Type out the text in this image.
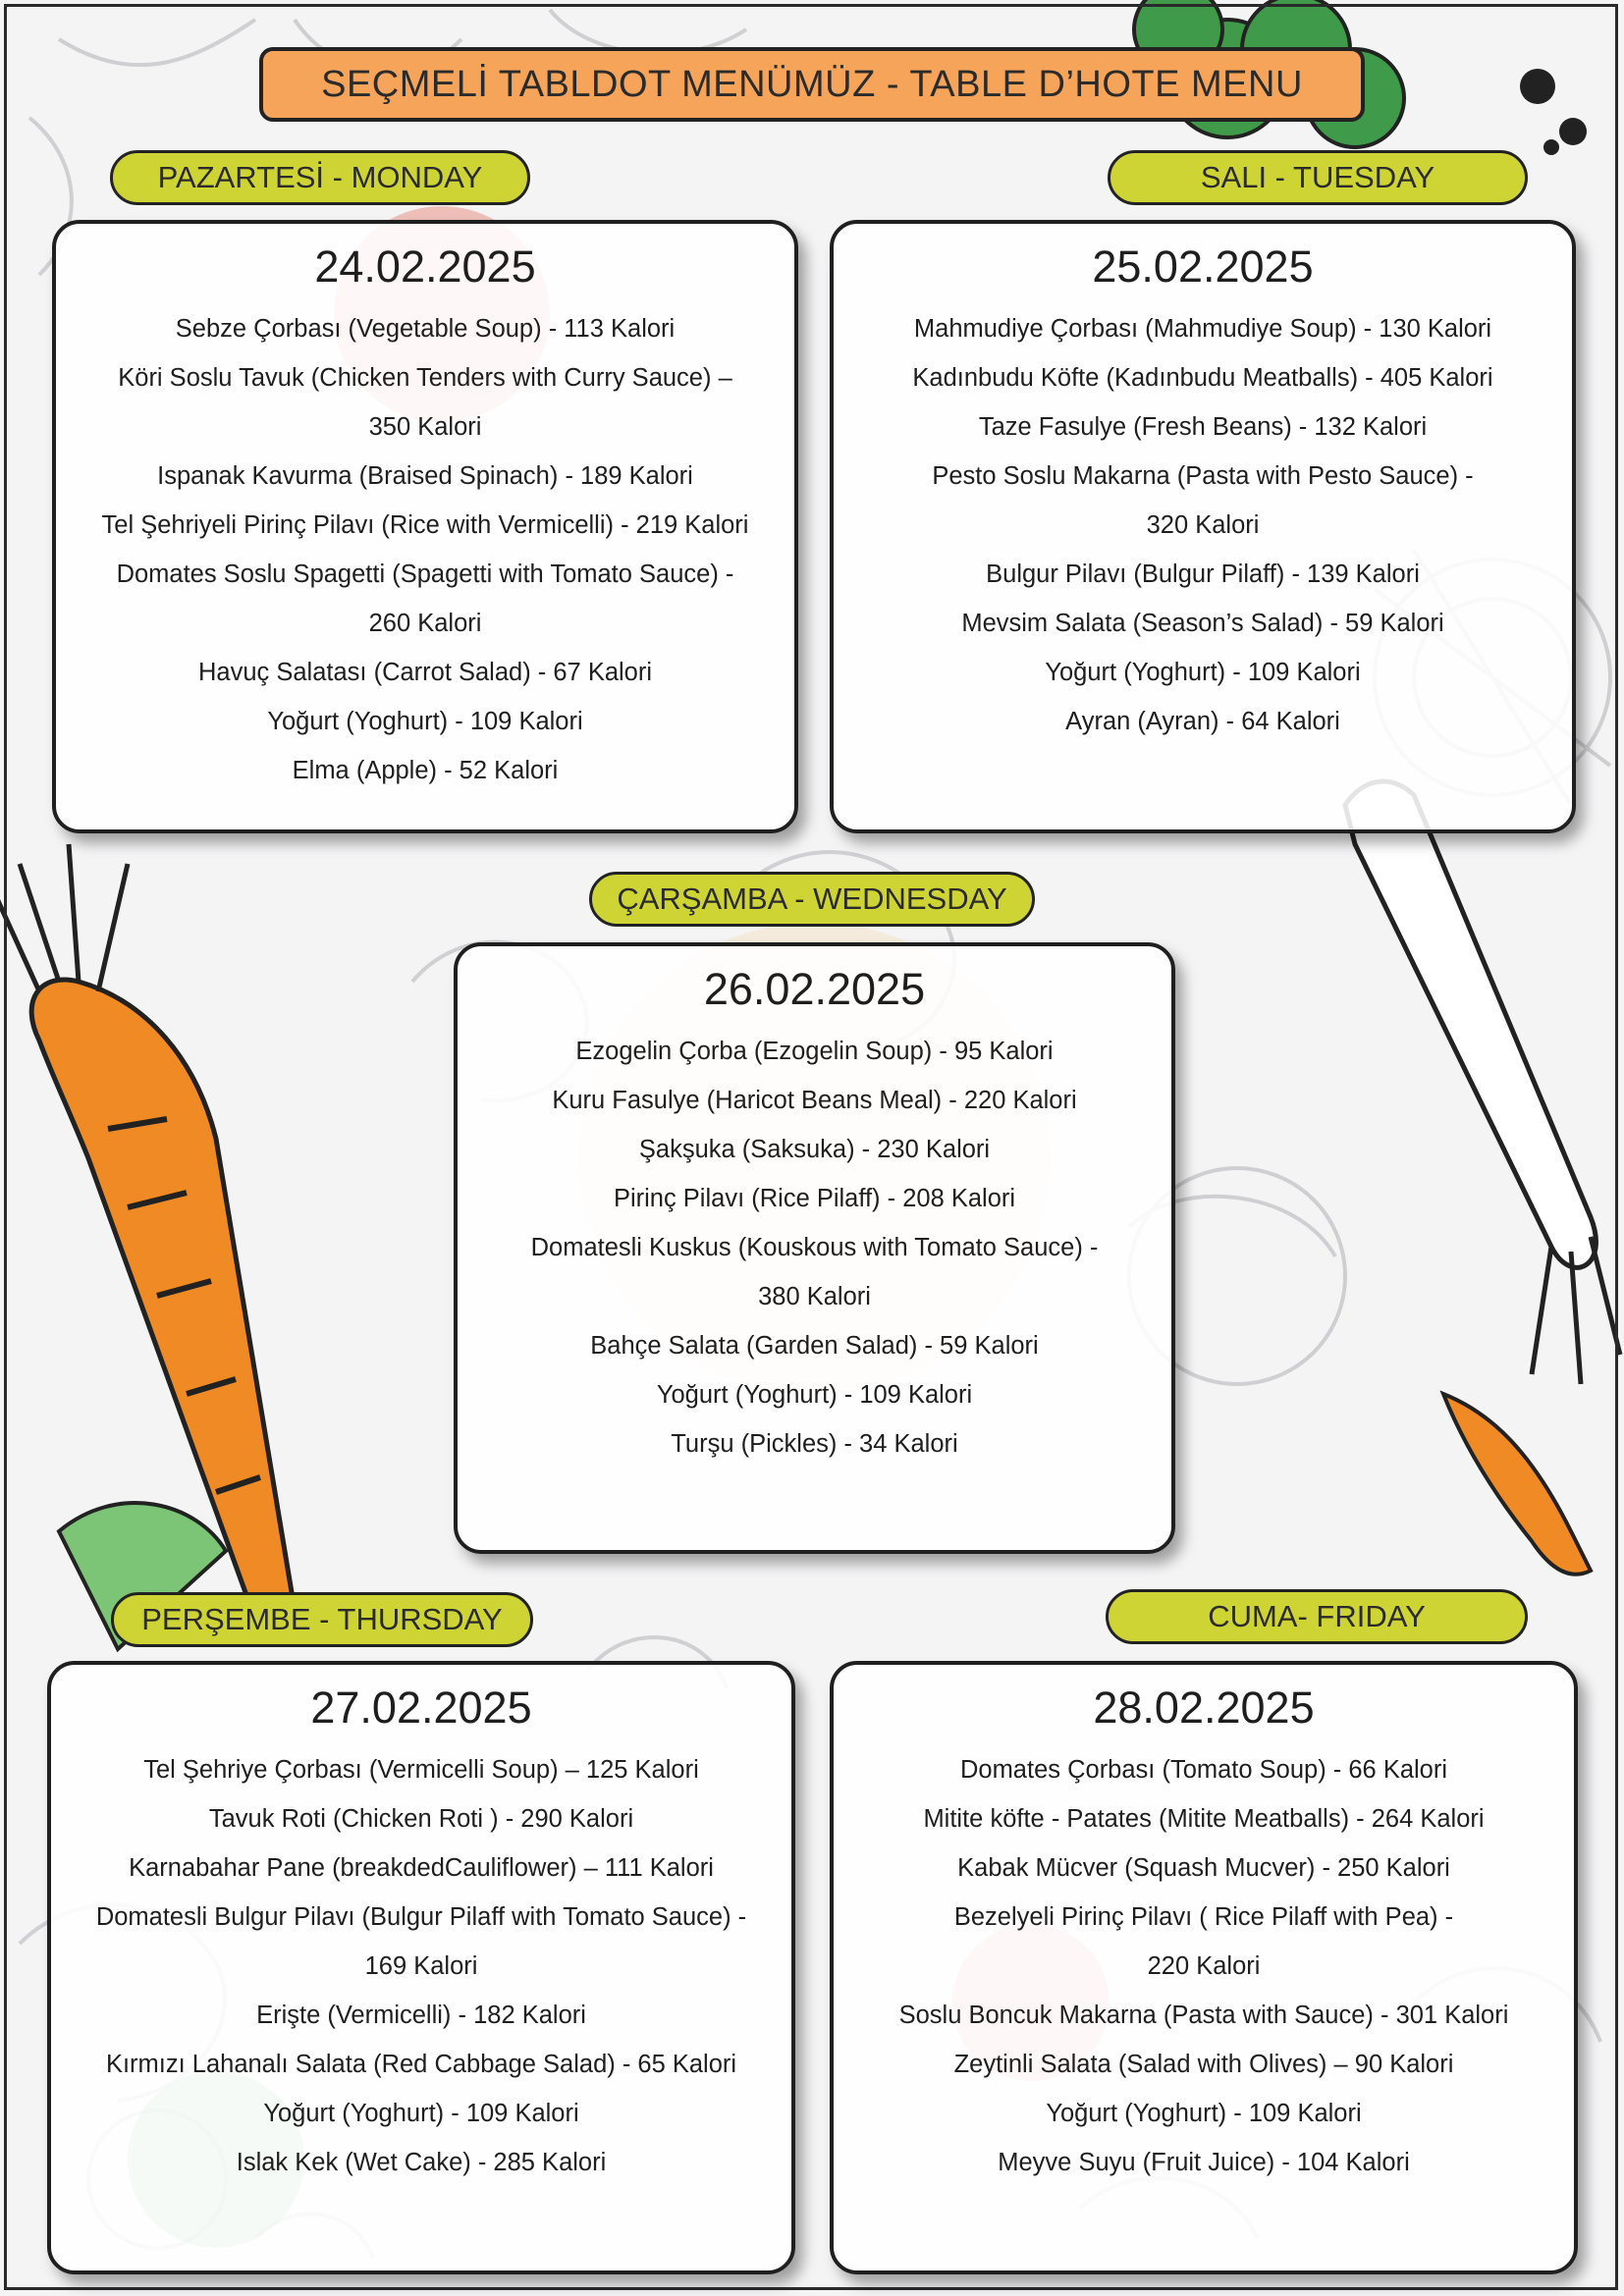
SEÇMELİ TABLDOT MENÜMÜZ - TABLE D’HOTE MENU
PAZARTESİ - MONDAY
24.02.2025
Sebze Çorbası (Vegetable Soup) - 113 Kalori
Köri Soslu Tavuk (Chicken Tenders with Curry Sauce) –
350 Kalori
Ispanak Kavurma (Braised Spinach) - 189 Kalori
Tel Şehriyeli Pirinç Pilavı (Rice with Vermicelli) - 219 Kalori
Domates Soslu Spagetti (Spagetti with Tomato Sauce) -
260 Kalori
Havuç Salatası (Carrot Salad) - 67 Kalori
Yoğurt (Yoghurt) - 109 Kalori
Elma (Apple) - 52 Kalori
SALI - TUESDAY
25.02.2025
Mahmudiye Çorbası (Mahmudiye Soup) - 130 Kalori
Kadınbudu Köfte (Kadınbudu Meatballs) - 405 Kalori
Taze Fasulye (Fresh Beans) - 132 Kalori
Pesto Soslu Makarna (Pasta with Pesto Sauce) -
320 Kalori
Bulgur Pilavı (Bulgur Pilaff) - 139 Kalori
Mevsim Salata (Season’s Salad) - 59 Kalori
Yoğurt (Yoghurt) - 109 Kalori
Ayran (Ayran) - 64 Kalori
ÇARŞAMBA - WEDNESDAY
26.02.2025
Ezogelin Çorba (Ezogelin Soup) - 95 Kalori
Kuru Fasulye (Haricot Beans Meal) - 220 Kalori
Şakşuka (Saksuka) - 230 Kalori
Pirinç Pilavı (Rice Pilaff) - 208 Kalori
Domatesli Kuskus (Kouskous with Tomato Sauce) -
380 Kalori
Bahçe Salata (Garden Salad) - 59 Kalori
Yoğurt (Yoghurt) - 109 Kalori
Turşu (Pickles) - 34 Kalori
PERŞEMBE - THURSDAY
27.02.2025
Tel Şehriye Çorbası (Vermicelli Soup) – 125 Kalori
Tavuk Roti (Chicken Roti ) - 290 Kalori
Karnabahar Pane (breakdedCauliflower) – 111 Kalori
Domatesli Bulgur Pilavı (Bulgur Pilaff with Tomato Sauce) -
169 Kalori
Erişte (Vermicelli) - 182 Kalori
Kırmızı Lahanalı Salata (Red Cabbage Salad) - 65 Kalori
Yoğurt (Yoghurt) - 109 Kalori
Islak Kek (Wet Cake) - 285 Kalori
CUMA- FRIDAY
28.02.2025
Domates Çorbası (Tomato Soup) - 66 Kalori
Mitite köfte - Patates (Mitite Meatballs) - 264 Kalori
Kabak Mücver (Squash Mucver) - 250 Kalori
Bezelyeli Pirinç Pilavı ( Rice Pilaff with Pea) -
220 Kalori
Soslu Boncuk Makarna (Pasta with Sauce) - 301 Kalori
Zeytinli Salata (Salad with Olives) – 90 Kalori
Yoğurt (Yoghurt) - 109 Kalori
Meyve Suyu (Fruit Juice) - 104 Kalori
